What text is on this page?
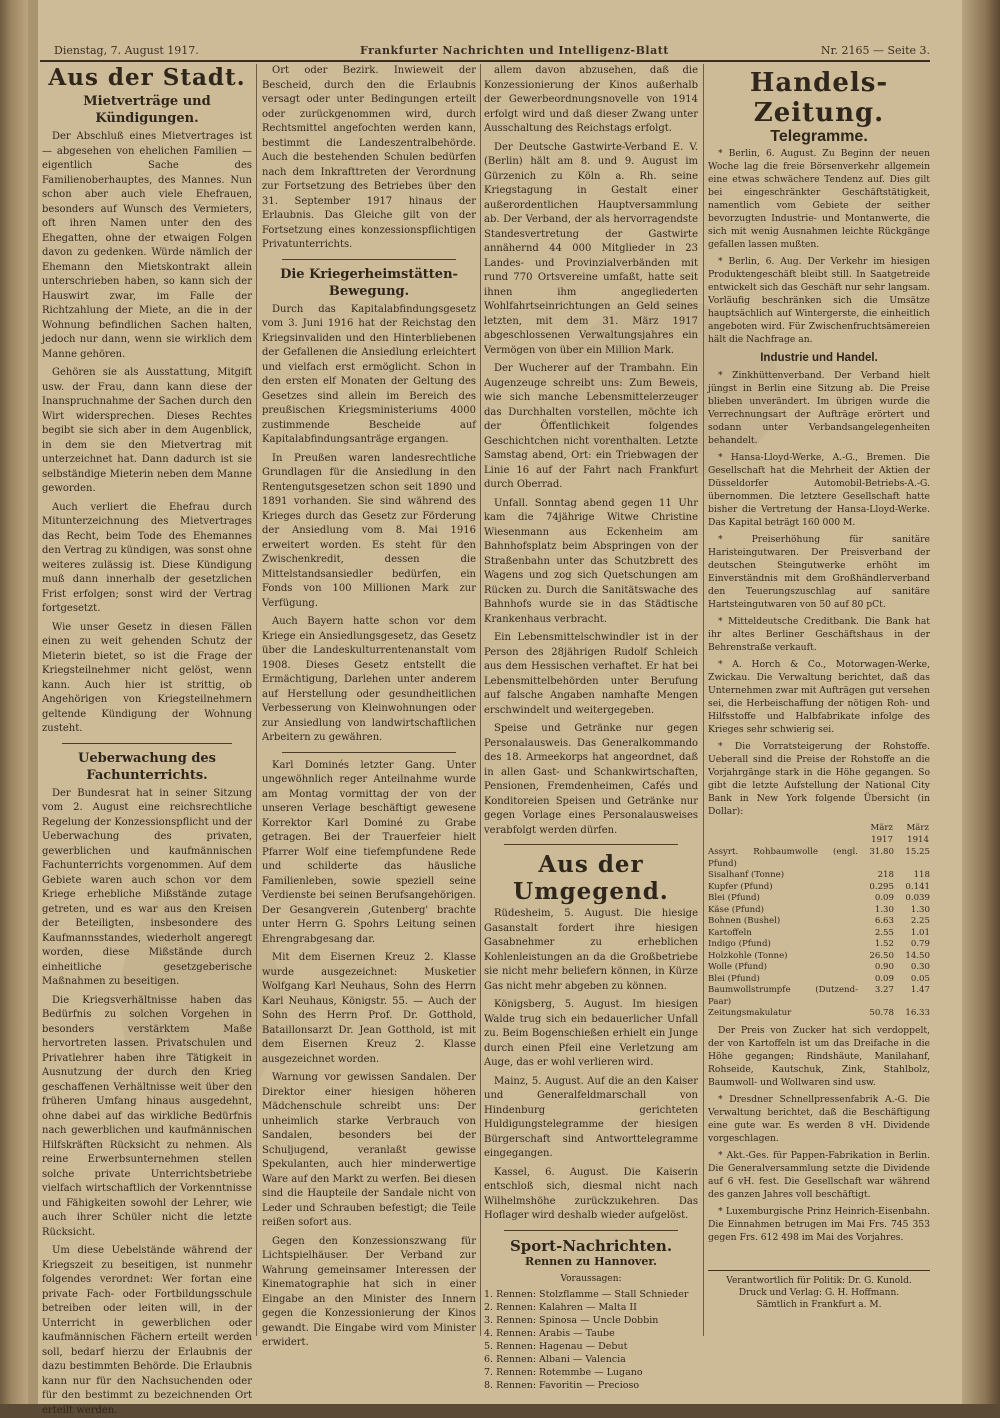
Dienstag, 7. August 1917.	Frankfurter Nachrichten und Intelligenz-Blatt	Nr. 2165 — Seite 3.
Aus der Stadt.
Mietverträge und Kündigungen.

Der Abschluß eines Mietvertrages ist — abgesehen von ehelichen Familien — eigentlich Sache des Familienoberhauptes, des Mannes. Nun schon aber auch viele Ehefrauen, besonders auf Wunsch des Vermieters, oft ihren Namen unter den des Ehegatten, ohne der etwaigen Folgen davon zu gedenken. Würde nämlich der Ehemann den Mietskontrakt allein unterschrieben haben, so kann sich der Hauswirt zwar, im Falle der Richtzahlung der Miete, an die in der Wohnung befindlichen Sachen halten, jedoch nur dann, wenn sie wirklich dem Manne gehören.

Gehören sie als Ausstattung, Mitgift usw. der Frau, dann kann diese der Inanspruchnahme der Sachen durch den Wirt widersprechen. Dieses Rechtes begibt sie sich aber in dem Augenblick, in dem sie den Mietvertrag mit unterzeichnet hat. Dann dadurch ist sie selbständige Mieterin neben dem Manne geworden.

Auch verliert die Ehefrau durch Mitunterzeichnung des Mietvertrages das Recht, beim Tode des Ehemannes den Vertrag zu kündigen, was sonst ohne weiteres zulässig ist. Diese Kündigung muß dann innerhalb der gesetzlichen Frist erfolgen; sonst wird der Vertrag fortgesetzt.

Wie unser Gesetz in diesen Fällen einen zu weit gehenden Schutz der Mieterin bietet, so ist die Frage der Kriegsteilnehmer nicht gelöst, wenn kann. Auch hier ist strittig, ob Angehörigen von Kriegsteilnehmern geltende Kündigung der Wohnung zusteht.

Ueberwachung des Fachunterrichts.

Der Bundesrat hat in seiner Sitzung vom 2. August eine reichsrechtliche Regelung der Konzessionspflicht und der Ueberwachung des privaten, gewerblichen und kaufmännischen Fachunterrichts vorgenommen. Auf dem Gebiete waren auch schon vor dem Kriege erhebliche Mißstände zutage getreten, und es war aus den Kreisen der Beteiligten, insbesondere des Kaufmannsstandes, wiederholt angeregt worden, diese Mißstände durch einheitliche gesetzgeberische Maßnahmen zu beseitigen.

Die Kriegsverhältnisse haben das Bedürfnis zu solchen Vorgehen in besonders verstärktem Maße hervortreten lassen. Privatschulen und Privatlehrer haben ihre Tätigkeit in Ausnutzung der durch den Krieg geschaffenen Verhältnisse weit über den früheren Umfang hinaus ausgedehnt, ohne dabei auf das wirkliche Bedürfnis nach gewerblichen und kaufmännischen Hilfskräften Rücksicht zu nehmen. Als reine Erwerbsunternehmen stellen solche private Unterrichtsbetriebe vielfach wirtschaftlich der Vorkenntnisse und Fähigkeiten sowohl der Lehrer, wie auch ihrer Schüler nicht die letzte Rücksicht.

Um diese Uebelstände während der Kriegszeit zu beseitigen, ist nunmehr folgendes verordnet: Wer fortan eine private Fach- oder Fortbildungsschule betreiben oder leiten will, in der Unterricht in gewerblichen oder kaufmännischen Fächern erteilt werden soll, bedarf hierzu der Erlaubnis der dazu bestimmten Behörde. Die Erlaubnis kann nur für den Nachsuchenden oder für den bestimmt zu bezeichnenden Ort erteilt werden.

Ort oder Bezirk. Inwieweit der Bescheid, durch den die Erlaubnis versagt oder unter Bedingungen erteilt oder zurückgenommen wird, durch Rechtsmittel angefochten werden kann, bestimmt die Landeszentralbehörde. Auch die bestehenden Schulen bedürfen nach dem Inkrafttreten der Verordnung zur Fortsetzung des Betriebes über den 31. September 1917 hinaus der Erlaubnis. Das Gleiche gilt von der Fortsetzung eines konzessionspflichtigen Privatunterrichts.

Die Kriegerheimstätten-Bewegung.

Durch das Kapitalabfindungsgesetz vom 3. Juni 1916 hat der Reichstag den Kriegsinvaliden und den Hinterbliebenen der Gefallenen die Ansiedlung erleichtert und vielfach erst ermöglicht. Schon in den ersten elf Monaten der Geltung des Gesetzes sind allein im Bereich des preußischen Kriegsministeriums 4000 zustimmende Bescheide auf Kapitalabfindungsanträge ergangen.

In Preußen waren landesrechtliche Grundlagen für die Ansiedlung in den Rentengutsgesetzen schon seit 1890 und 1891 vorhanden. Sie sind während des Krieges durch das Gesetz zur Förderung der Ansiedlung vom 8. Mai 1916 erweitert worden. Es steht für den Zwischenkredit, dessen die Mittelstandsansiedler bedürfen, ein Fonds von 100 Millionen Mark zur Verfügung.

Auch Bayern hatte schon vor dem Kriege ein Ansiedlungsgesetz, das Gesetz über die Landeskulturrentenanstalt vom 1908. Dieses Gesetz entstellt die Ermächtigung, Darlehen unter anderem auf Herstellung oder gesundheitlichen Verbesserung von Kleinwohnungen oder zur Ansiedlung von landwirtschaftlichen Arbeitern zu gewähren.

Karl Dominés letzter Gang. Unter ungewöhnlich reger Anteilnahme wurde am Montag vormittag der von der unseren Verlage beschäftigt gewesene Korrektor Karl Dominé zu Grabe getragen. Bei der Trauerfeier hielt Pfarrer Wolf eine tiefempfundene Rede und schilderte das häusliche Familienleben, sowie speziell seine Verdienste bei seinen Berufsangehörigen. Der Gesangverein ,Gutenberg' brachte unter Herrn G. Spohrs Leitung seinen Ehrengrabgesang dar.

Mit dem Eisernen Kreuz 2. Klasse wurde ausgezeichnet: Musketier Wolfgang Karl Neuhaus, Sohn des Herrn Karl Neuhaus, Königstr. 55. — Auch der Sohn des Herrn Prof. Dr. Gotthold, Bataillonsarzt Dr. Jean Gotthold, ist mit dem Eisernen Kreuz 2. Klasse ausgezeichnet worden.

Warnung vor gewissen Sandalen. Der Direktor einer hiesigen höheren Mädchenschule schreibt uns: Der unheimlich starke Verbrauch von Sandalen, besonders bei der Schuljugend, veranlaßt gewisse Spekulanten, auch hier minderwertige Ware auf den Markt zu werfen. Bei diesen sind die Haupteile der Sandale nicht von Leder und Schrauben befestigt; die Teile reißen sofort aus.

Gegen den Konzessionszwang für Lichtspielhäuser. Der Verband zur Wahrung gemeinsamer Interessen der Kinematographie hat sich in einer Eingabe an den Minister des Innern gegen die Konzessionierung der Kinos gewandt. Die Eingabe wird vom Minister erwidert.

allem davon abzusehen, daß die Konzessionierung der Kinos außerhalb der Gewerbeordnungsnovelle von 1914 erfolgt wird und daß dieser Zwang unter Ausschaltung des Reichstags erfolgt.

Der Deutsche Gastwirte-Verband E. V. (Berlin) hält am 8. und 9. August im Gürzenich zu Köln a. Rh. seine Kriegstagung in Gestalt einer außerordentlichen Hauptversammlung ab. Der Verband, der als hervorragendste Standesvertretung der Gastwirte annähernd 44 000 Mitglieder in 23 Landes- und Provinzialverbänden mit rund 770 Ortsvereine umfaßt, hatte seit ihnen ihm angegliederten Wohlfahrtseinrichtungen an Geld seines letzten, mit dem 31. März 1917 abgeschlossenen Verwaltungsjahres ein Vermögen von über ein Million Mark.

Der Wucherer auf der Trambahn. Ein Augenzeuge schreibt uns: Zum Beweis, wie sich manche Lebensmittelerzeuger das Durchhalten vorstellen, möchte ich der Öffentlichkeit folgendes Geschichtchen nicht vorenthalten. Letzte Samstag abend, Ort: ein Triebwagen der Linie 16 auf der Fahrt nach Frankfurt durch Oberrad.

Unfall. Sonntag abend gegen 11 Uhr kam die 74jährige Witwe Christine Wiesenmann aus Eckenheim am Bahnhofsplatz beim Abspringen von der Straßenbahn unter das Schutzbrett des Wagens und zog sich Quetschungen am Rücken zu. Durch die Sanitätswache des Bahnhofs wurde sie in das Städtische Krankenhaus verbracht.

Ein Lebensmittelschwindler ist in der Person des 28jährigen Rudolf Schleich aus dem Hessischen verhaftet. Er hat bei Lebensmittelbehörden unter Berufung auf falsche Angaben namhafte Mengen erschwindelt und weitergegeben.

Speise und Getränke nur gegen Personalausweis. Das Generalkommando des 18. Armeekorps hat angeordnet, daß in allen Gast- und Schankwirtschaften, Pensionen, Fremdenheimen, Cafés und Konditoreien Speisen und Getränke nur gegen Vorlage eines Personalausweises verabfolgt werden dürfen.

Aus der Umgegend.

Rüdesheim, 5. August. Die hiesige Gasanstalt fordert ihre hiesigen Gasabnehmer zu erheblichen Kohlenleistungen an da die Großbetriebe sie nicht mehr beliefern können, in Kürze Gas nicht mehr abgeben zu können.

Königsberg, 5. August. Im hiesigen Walde trug sich ein bedauerlicher Unfall zu. Beim Bogenschießen erhielt ein Junge durch einen Pfeil eine Verletzung am Auge, das er wohl verlieren wird.

Mainz, 5. August. Auf die an den Kaiser und Generalfeldmarschall von Hindenburg gerichteten Huldigungstelegramme der hiesigen Bürgerschaft sind Antworttelegramme eingegangen.

Kassel, 6. August. Die Kaiserin entschloß sich, diesmal nicht nach Wilhelmshöhe zurückzukehren. Das Hoflager wird deshalb wieder aufgelöst.

Sport-Nachrichten.
Rennen zu Hannover.
Voraussagen:

1. Rennen: Stolzflamme — Stall Schnieder

2. Rennen: Kalahren — Malta II

3. Rennen: Spinosa — Uncle Dobbin

4. Rennen: Arabis — Taube

5. Rennen: Hagenau — Debut

6. Rennen: Albani — Valencia

7. Rennen: Rotemmbe — Lugano

8. Rennen: Favoritin — Precioso

Handels-Zeitung.
Telegramme.

* Berlin, 6. August. Zu Beginn der neuen Woche lag die freie Börsenverkehr allgemein eine etwas schwächere Tendenz auf. Dies gilt bei eingeschränkter Geschäftstätigkeit, namentlich vom Gebiete der seither bevorzugten Industrie- und Montanwerte, die sich mit wenig Ausnahmen leichte Rückgänge gefallen lassen mußten.

* Berlin, 6. Aug. Der Verkehr im hiesigen Produktengeschäft bleibt still. In Saatgetreide entwickelt sich das Geschäft nur sehr langsam. Vorläufig beschränken sich die Umsätze hauptsächlich auf Wintergerste, die einheitlich angeboten wird. Für Zwischenfruchtsämereien hält die Nachfrage an.

Industrie und Handel.

* Zinkhüttenverband. Der Verband hielt jüngst in Berlin eine Sitzung ab. Die Preise blieben unverändert. Im übrigen wurde die Verrechnungsart der Aufträge erörtert und sodann unter Verbandsangelegenheiten behandelt.

* Hansa-Lloyd-Werke, A.-G., Bremen. Die Gesellschaft hat die Mehrheit der Aktien der Düsseldorfer Automobil-Betriebs-A.-G. übernommen. Die letztere Gesellschaft hatte bisher die Vertretung der Hansa-Lloyd-Werke. Das Kapital beträgt 160 000 M.

* Preiserhöhung für sanitäre Haristeingutwaren. Der Preisverband der deutschen Steingutwerke erhöht im Einverständnis mit dem Großhändlerverband den Teuerungszuschlag auf sanitäre Hartsteingutwaren von 50 auf 80 pCt.

* Mitteldeutsche Creditbank. Die Bank hat ihr altes Berliner Geschäftshaus in der Behrenstraße verkauft.

* A. Horch & Co., Motorwagen-Werke, Zwickau. Die Verwaltung berichtet, daß das Unternehmen zwar mit Aufträgen gut versehen sei, die Herbeischaffung der nötigen Roh- und Hilfsstoffe und Halbfabrikate infolge des Krieges sehr schwierig sei.

* Die Vorratsteigerung der Rohstoffe. Ueberall sind die Preise der Rohstoffe an die Vorjahrgänge stark in die Höhe gegangen. So gibt die letzte Aufstellung der National City Bank in New York folgende Übersicht (in Dollar):

	März 1917	März 1914
Assyrt. Rohbaumwolle (engl. Pfund)	31.80	15.25
Sisalhanf (Tonne)	218	118
Kupfer (Pfund)	0.295	0.141
Blei (Pfund)	0.09	0.039
Käse (Pfund)	1.30	1.30
Bohnen (Bushel)	6.63	2.25
Kartoffeln	2.55	1.01
Indigo (Pfund)	1.52	0.79
Holzkohle (Tonne)	26.50	14.50
Wolle (Pfund)	0.90	0.30
Blei (Pfund)	0.09	0.05
Baumwollstrumpfe (Dutzend-Paar)	3.27	1.47
Zeitungsmakulatur	50.78	16.33

Der Preis von Zucker hat sich verdoppelt, der von Kartoffeln ist um das Dreifache in die Höhe gegangen; Rindshäute, Manilahanf, Rohseide, Kautschuk, Zink, Stahlbolz, Baumwoll- und Wollwaren sind usw.

* Dresdner Schnellpressenfabrik A.-G. Die Verwaltung berichtet, daß die Beschäftigung eine gute war. Es werden 8 vH. Dividende vorgeschlagen.

* Akt.-Ges. für Pappen-Fabrikation in Berlin. Die Generalversammlung setzte die Dividende auf 6 vH. fest. Die Gesellschaft war während des ganzen Jahres voll beschäftigt.

* Luxemburgische Prinz Heinrich-Eisenbahn. Die Einnahmen betrugen im Mai Frs. 745 353 gegen Frs. 612 498 im Mai des Vorjahres.

Verantwortlich für Politik: Dr. G. Kunold.
Druck und Verlag: G. H. Hoffmann.
Sämtlich in Frankfurt a. M.
